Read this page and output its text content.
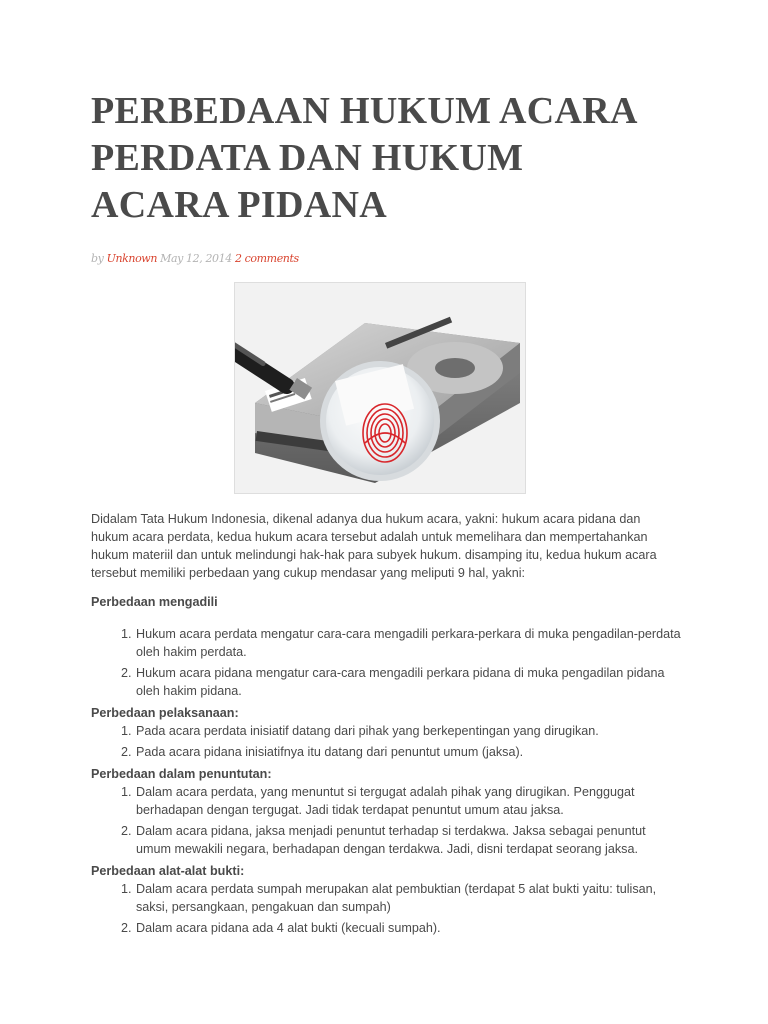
PERBEDAAN HUKUM ACARA
PERDATA DAN HUKUM
ACARA PIDANA
by Unknown May 12, 2014 2 comments

Didalam Tata Hukum Indonesia, dikenal adanya dua hukum acara, yakni: hukum acara pidana dan hukum acara perdata, kedua hukum acara tersebut adalah untuk memelihara dan mempertahankan hukum materiil dan untuk melindungi hak-hak para subyek hukum. disamping itu, kedua hukum acara tersebut memiliki perbedaan yang cukup mendasar yang meliputi 9 hal, yakni:

Perbedaan mengadili

1. Hukum acara perdata mengatur cara-cara mengadili perkara-perkara di muka pengadilan-perdata oleh hakim perdata.
2. Hukum acara pidana mengatur cara-cara mengadili perkara pidana di muka pengadilan pidana oleh hakim pidana.

Perbedaan pelaksanaan:

1. Pada acara perdata inisiatif datang dari pihak yang berkepentingan yang dirugikan.
2. Pada acara pidana inisiatifnya itu datang dari penuntut umum (jaksa).

Perbedaan dalam penuntutan:

1. Dalam acara perdata, yang menuntut si tergugat adalah pihak yang dirugikan. Penggugat berhadapan dengan tergugat. Jadi tidak terdapat penuntut umum atau jaksa.
2. Dalam acara pidana, jaksa menjadi penuntut terhadap si terdakwa. Jaksa sebagai penuntut umum mewakili negara, berhadapan dengan terdakwa. Jadi, disni terdapat seorang jaksa.

Perbedaan alat-alat bukti:

1. Dalam acara perdata sumpah merupakan alat pembuktian (terdapat 5 alat bukti yaitu: tulisan, saksi, persangkaan, pengakuan dan sumpah)
2. Dalam acara pidana ada 4 alat bukti (kecuali sumpah).
